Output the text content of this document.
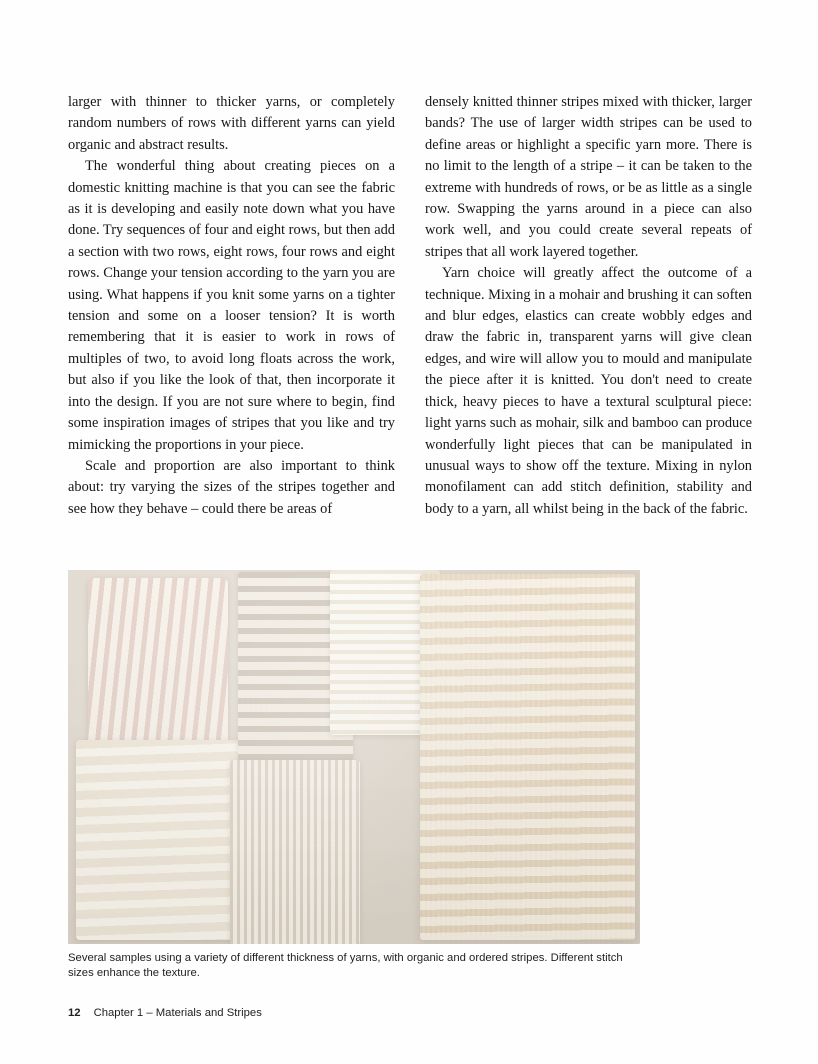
larger with thinner to thicker yarns, or completely random numbers of rows with different yarns can yield organic and abstract results.

The wonderful thing about creating pieces on a domestic knitting machine is that you can see the fabric as it is developing and easily note down what you have done. Try sequences of four and eight rows, but then add a section with two rows, eight rows, four rows and eight rows. Change your tension according to the yarn you are using. What happens if you knit some yarns on a tighter tension and some on a looser tension? It is worth remembering that it is easier to work in rows of multiples of two, to avoid long floats across the work, but also if you like the look of that, then incorporate it into the design. If you are not sure where to begin, find some inspiration images of stripes that you like and try mimicking the proportions in your piece.

Scale and proportion are also important to think about: try varying the sizes of the stripes together and see how they behave – could there be areas of

densely knitted thinner stripes mixed with thicker, larger bands? The use of larger width stripes can be used to define areas or highlight a specific yarn more. There is no limit to the length of a stripe – it can be taken to the extreme with hundreds of rows, or be as little as a single row. Swapping the yarns around in a piece can also work well, and you could create several repeats of stripes that all work layered together.

Yarn choice will greatly affect the outcome of a technique. Mixing in a mohair and brushing it can soften and blur edges, elastics can create wobbly edges and draw the fabric in, transparent yarns will give clean edges, and wire will allow you to mould and manipulate the piece after it is knitted. You don't need to create thick, heavy pieces to have a textural sculptural piece: light yarns such as mohair, silk and bamboo can produce wonderfully light pieces that can be manipulated in unusual ways to show off the texture. Mixing in nylon monofilament can add stitch definition, stability and body to a yarn, all whilst being in the back of the fabric.

Several samples using a variety of different thickness of yarns, with organic and ordered stripes. Different stitch sizes enhance the texture.
12 Chapter 1 – Materials and Stripes
